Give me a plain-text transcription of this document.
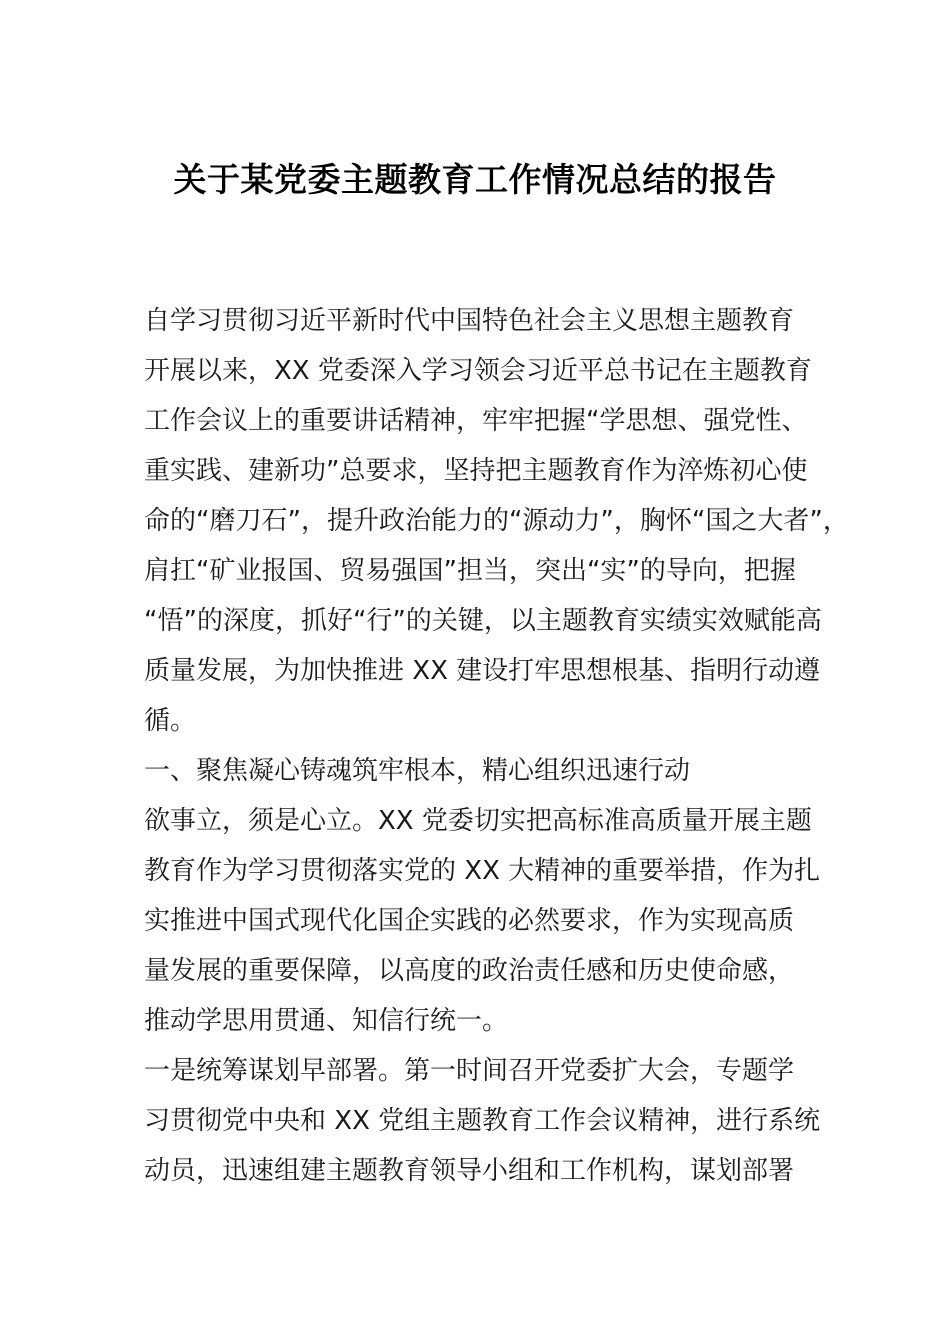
关于某党委主题教育工作情况总结的报告
自学习贯彻习近平新时代中国特色社会主义思想主题教育
开展以来，XX 党委深入学习领会习近平总书记在主题教育
工作会议上的重要讲话精神，牢牢把握“学思想、强党性、
重实践、建新功”总要求，坚持把主题教育作为淬炼初心使
命的“磨刀石”，提升政治能力的“源动力”，胸怀“国之大者”，
肩扛“矿业报国、贸易强国”担当，突出“实”的导向，把握
“悟”的深度，抓好“行”的关键，以主题教育实绩实效赋能高
质量发展，为加快推进 XX 建设打牢思想根基、指明行动遵
循。
一、聚焦凝心铸魂筑牢根本，精心组织迅速行动
欲事立，须是心立。XX 党委切实把高标准高质量开展主题
教育作为学习贯彻落实党的 XX 大精神的重要举措，作为扎
实推进中国式现代化国企实践的必然要求，作为实现高质
量发展的重要保障，以高度的政治责任感和历史使命感，
推动学思用贯通、知信行统一。
一是统筹谋划早部署。第一时间召开党委扩大会，专题学
习贯彻党中央和 XX 党组主题教育工作会议精神，进行系统
动员，迅速组建主题教育领导小组和工作机构，谋划部署
